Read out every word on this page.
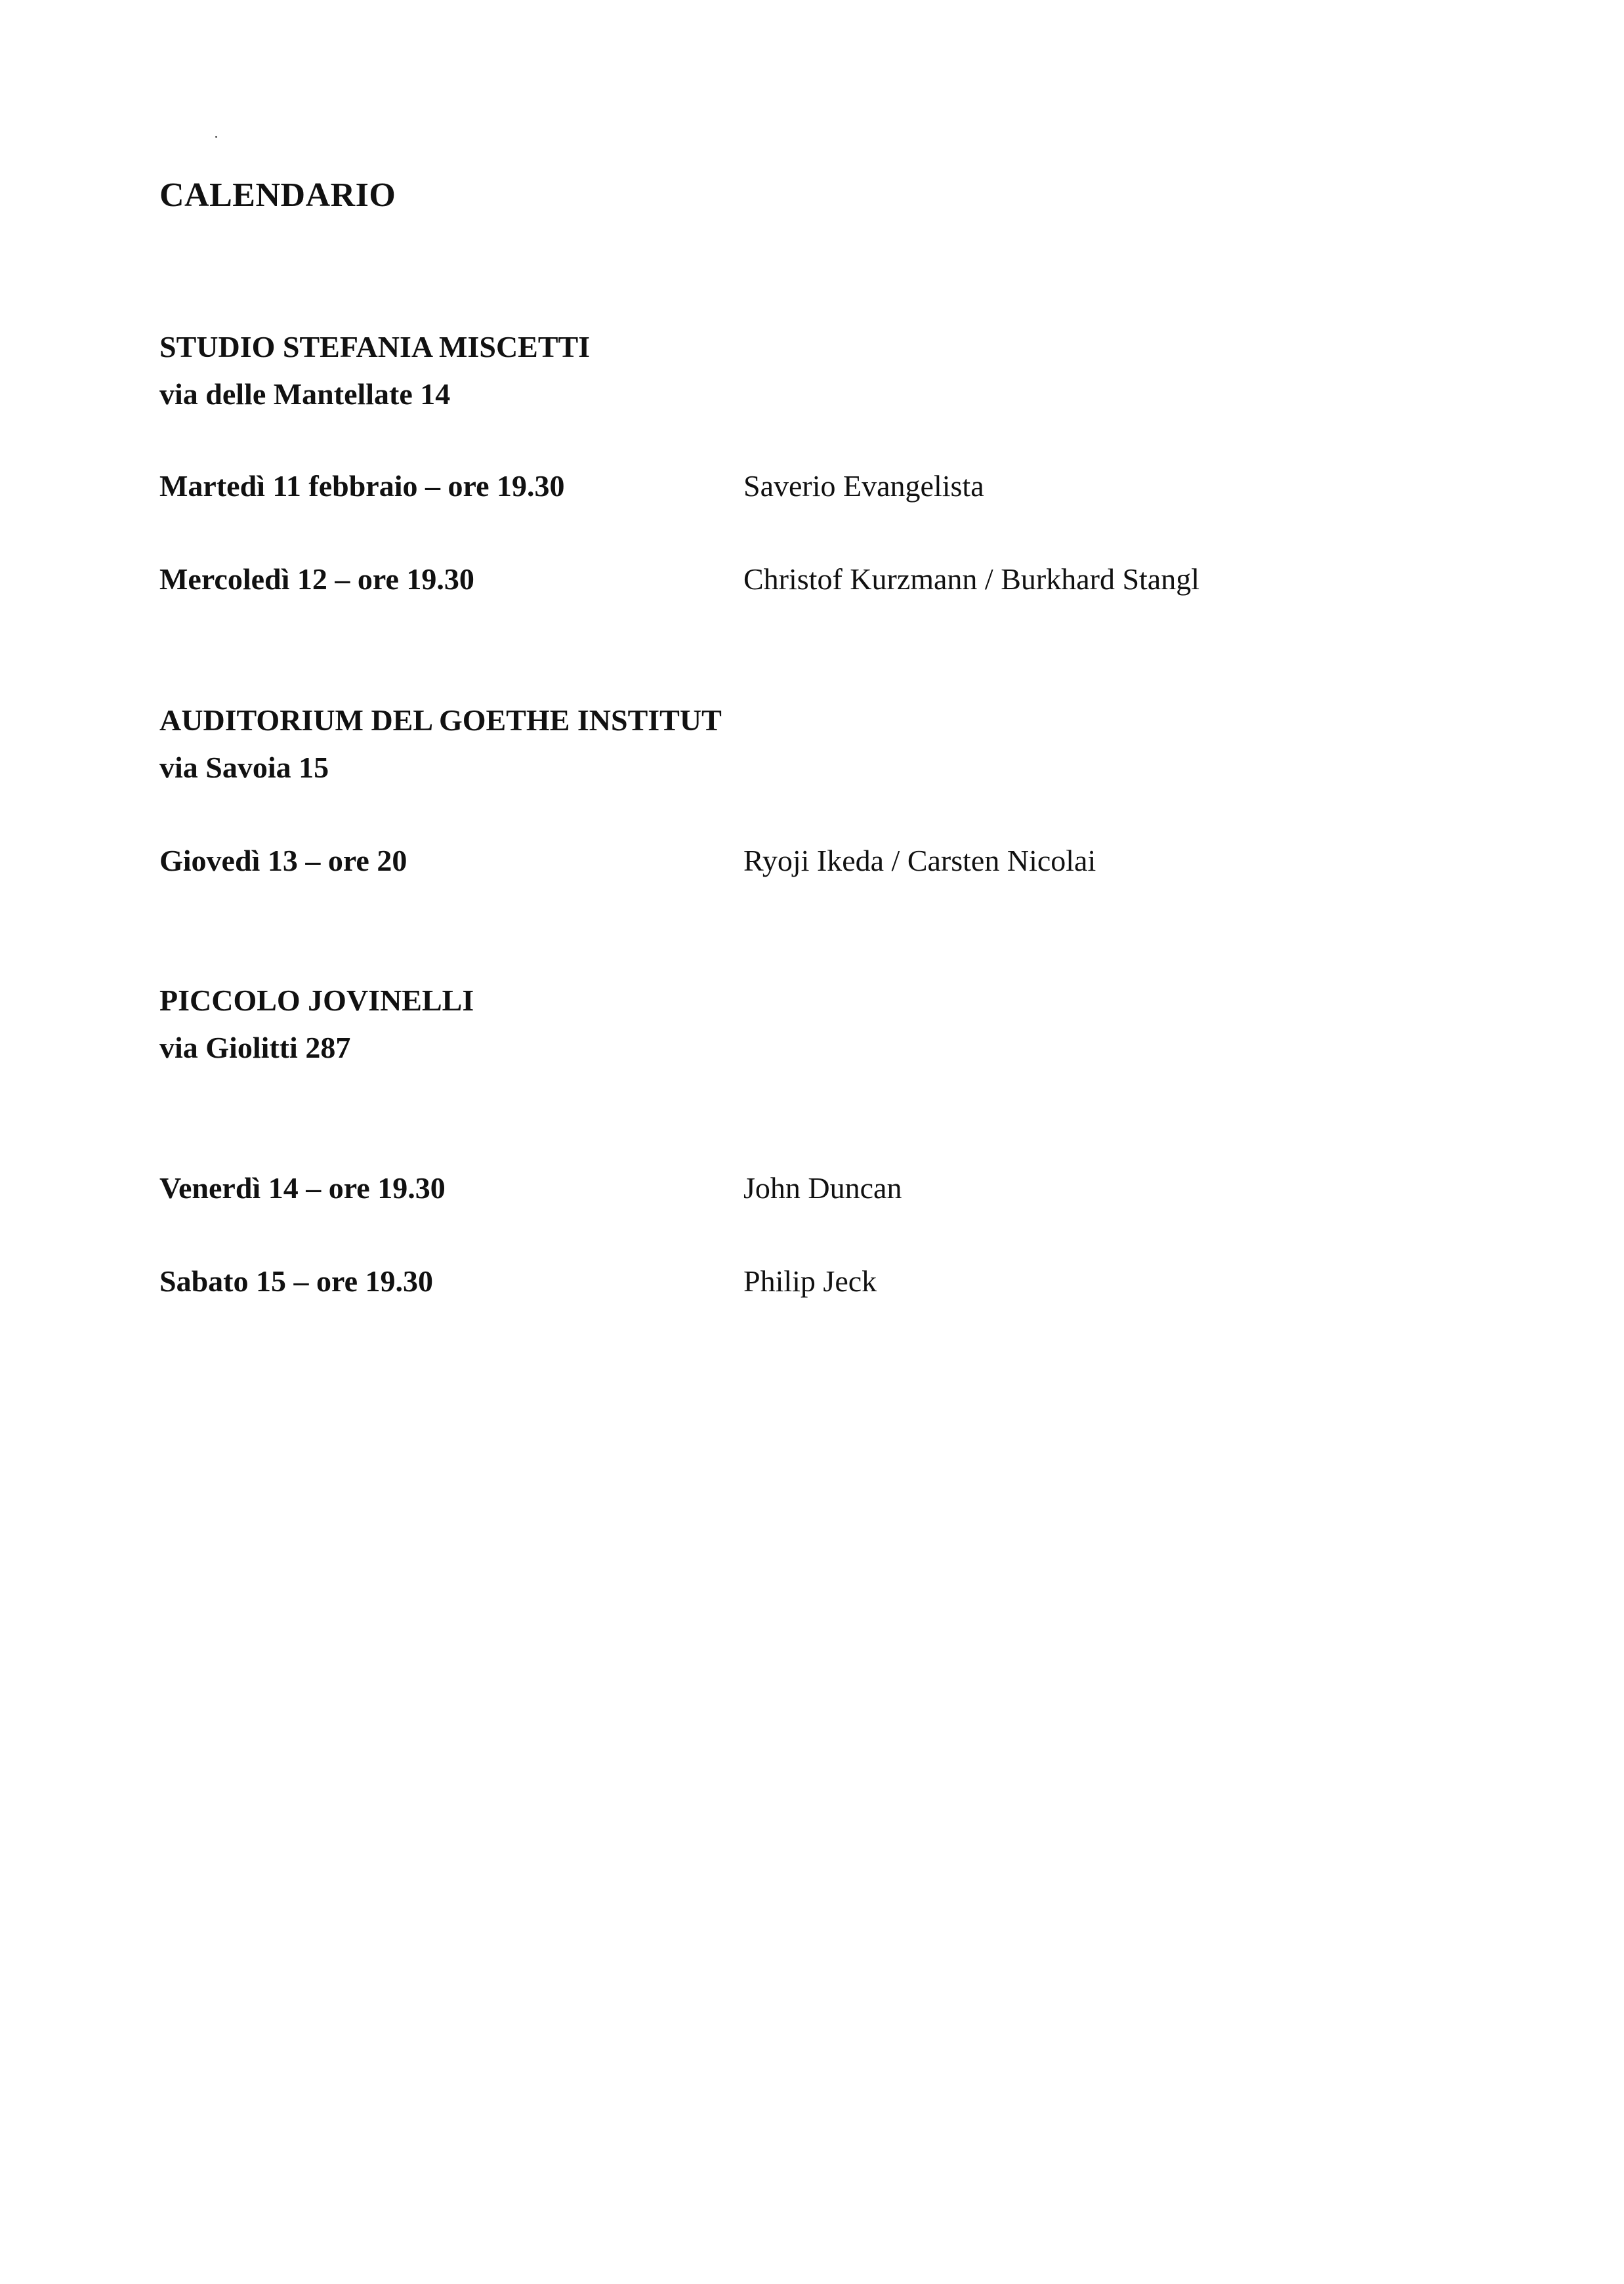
CALENDARIO

STUDIO STEFANIA MISCETTI

via delle Mantellate 14

Martedì 11 febbraio – ore 19.30	Saverio Evangelista

Mercoledì 12 – ore 19.30	Christof Kurzmann / Burkhard Stangl

AUDITORIUM DEL GOETHE INSTITUT

via Savoia 15

Giovedì 13 – ore 20	Ryoji Ikeda / Carsten Nicolai

PICCOLO JOVINELLI

via Giolitti 287

Venerdì 14 – ore 19.30	John Duncan

Sabato 15 – ore 19.30	Philip Jeck
